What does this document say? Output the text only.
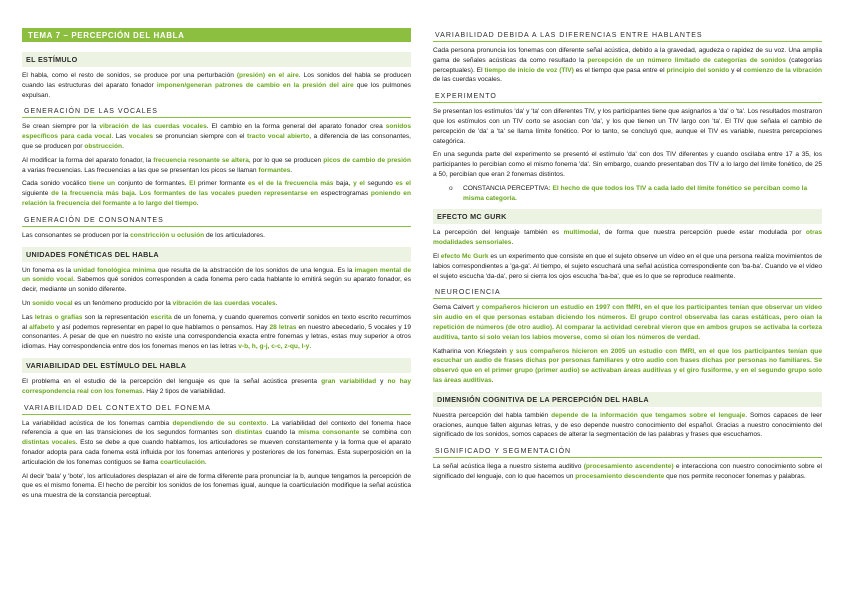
TEMA 7 – PERCEPCIÓN DEL HABLA
EL ESTÍMULO

El habla, como el resto de sonidos, se produce por una perturbación (presión) en el aire. Los sonidos del habla se producen cuando las estructuras del aparato fonador imponen/generan patrones de cambio en la presión del aire que los pulmones expulsan.

GENERACIÓN DE LAS VOCALES

Se crean siempre por la vibración de las cuerdas vocales. El cambio en la forma general del aparato fonador crea sonidos específicos para cada vocal. Las vocales se pronuncian siempre con el tracto vocal abierto, a diferencia de las consonantes, que se producen por obstrucción.

Al modificar la forma del aparato fonador, la frecuencia resonante se altera, por lo que se producen picos de cambio de presión a varias frecuencias. Las frecuencias a las que se presentan los picos se llaman formantes.

Cada sonido vocálico tiene un conjunto de formantes. El primer formante es el de la frecuencia más baja, y el segundo es el siguiente de la frecuencia más baja. Los formantes de las vocales pueden representarse en espectrogramas poniendo en relación la frecuencia del formante a lo largo del tiempo.

GENERACIÓN DE CONSONANTES

Las consonantes se producen por la constricción u oclusión de los articuladores.

UNIDADES FONÉTICAS DEL HABLA

Un fonema es la unidad fonológica mínima que resulta de la abstracción de los sonidos de una lengua. Es la imagen mental de un sonido vocal. Sabemos qué sonidos corresponden a cada fonema pero cada hablante lo emitirá según su aparato fonador, es decir, mediante un sonido diferente.

Un sonido vocal es un fenómeno producido por la vibración de las cuerdas vocales.

Las letras o grafías son la representación escrita de un fonema, y cuando queremos convertir sonidos en texto escrito recurrimos al alfabeto y así podemos representar en papel lo que hablamos o pensamos. Hay 28 letras en nuestro abecedario, 5 vocales y 19 consonantes. A pesar de que en nuestro no existe una correspondencia exacta entre fonemas y letras, estas muy superior a otros idiomas. Hay correspondencia entre dos los fonemas menos en las letras v-b, h, g-j, c-c, z-qu, l-y.

VARIABILIDAD DEL ESTÍMULO DEL HABLA

El problema en el estudio de la percepción del lenguaje es que la señal acústica presenta gran variabilidad y no hay correspondencia real con los fonemas. Hay 2 tipos de variabilidad.

VARIABILIDAD DEL CONTEXTO DEL FONEMA

La variabilidad acústica de los fonemas cambia dependiendo de su contexto. La variabilidad del contexto del fonema hace referencia a que en las transiciones de los segundos formantes son distintas cuando la misma consonante se combina con distintas vocales. Esto se debe a que cuando hablamos, los articuladores se mueven constantemente y la forma que el aparato fonador adopta para cada fonema está influida por los fonemas anteriores y posteriores de los fonemas. Esta superposición en la articulación de los fonemas contiguos se llama coarticulación.

Al decir 'bala' y 'bote', los articuladores desplazan el aire de forma diferente para pronunciar la b, aunque tengamos la percepción de que es el mismo fonema. El hecho de percibir los sonidos de los fonemas igual, aunque la coarticulación modifique la señal acústica es una muestra de la constancia perceptual.

VARIABILIDAD DEBIDA A LAS DIFERENCIAS ENTRE HABLANTES

Cada persona pronuncia los fonemas con diferente señal acústica, debido a la gravedad, agudeza o rapidez de su voz. Una amplia gama de señales acústicas da como resultado la percepción de un número limitado de categorías de sonidos (categorías perceptuales). El tiempo de inicio de voz (TIV) es el tiempo que pasa entre el principio del sonido y el comienzo de la vibración de las cuerdas vocales.

EXPERIMENTO

Se presentan los estímulos 'da' y 'ta' con diferentes TIV, y los participantes tiene que asignarlos a 'da' o 'ta'. Los resultados mostraron que los estímulos con un TIV corto se asocian con 'da', y los que tienen un TIV largo con 'ta'. El TIV que señala el cambio de percepción de 'da' a 'ta' se llama límite fonético. Por lo tanto, se concluyó que, aunque el TIV es variable, nuestra percepciones categórica.

En una segunda parte del experimento se presentó el estímulo 'da' con dos TIV diferentes y cuando oscilaba entre 17 a 35, los participantes lo percibían como el mismo fonema 'da'. Sin embargo, cuando presentaban dos TIV a lo largo del límite fonético, de 25 a 50, percibían que eran 2 fonemas distintos.

o CONSTANCIA PERCEPTIVA: El hecho de que todos los TIV a cada lado del límite fonético se perciban como la misma categoría.
EFECTO MC GURK

La percepción del lenguaje también es multimodal, de forma que nuestra percepción puede estar modulada por otras modalidades sensoriales.

El efecto Mc Gurk es un experimento que consiste en que el sujeto observe un vídeo en el que una persona realiza movimientos de labios correspondientes a 'ga-ga'. Al tiempo, el sujeto escuchará una señal acústica correspondiente con 'ba-ba'. Cuando ve el vídeo el sujeto escucha 'da-da', pero si cierra los ojos escucha 'ba-ba', que es lo que se reproduce realmente.

NEUROCIENCIA

Gema Calvert y compañeros hicieron un estudio en 1997 con fMRI, en el que los participantes tenían que observar un vídeo sin audio en el que personas estaban diciendo los números. El grupo control observaba las caras estáticas, pero oían la repetición de números (de otro audio). Al comparar la actividad cerebral vieron que en ambos grupos se activaba la corteza auditiva, tanto si solo veían los labios moverse, como si oían los números de verdad.

Katharina von Kriegstein y sus compañeros hicieron en 2005 un estudio con fMRI, en el que los participantes tenían que escuchar un audio de frases dichas por personas familiares y otro audio con frases dichas por personas no familiares. Se observó que en el primer grupo (primer audio) se activaban áreas auditivas y el giro fusiforme, y en el segundo grupo solo las áreas auditivas.

DIMENSIÓN COGNITIVA DE LA PERCEPCIÓN DEL HABLA

Nuestra percepción del habla también depende de la información que tengamos sobre el lenguaje. Somos capaces de leer oraciones, aunque falten algunas letras, y de eso depende nuestro conocimiento del español. Gracias a nuestro conocimiento del significado de los sonidos, somos capaces de alterar la segmentación de las palabras y frases que escuchamos.

SIGNIFICADO Y SEGMENTACIÓN

La señal acústica llega a nuestro sistema auditivo (procesamiento ascendente) e interacciona con nuestro conocimiento sobre el significado del lenguaje, con lo que hacemos un procesamiento descendente que nos permite reconocer fonemas y palabras.
